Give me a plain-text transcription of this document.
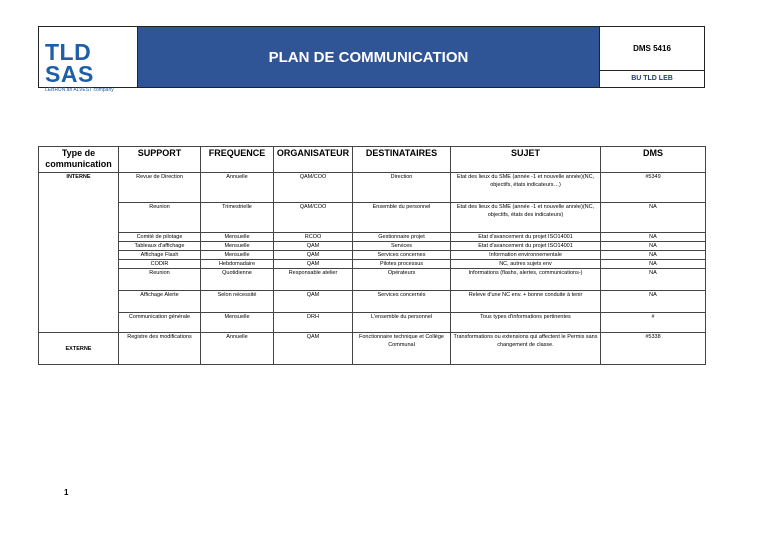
TLD SAS
LEBRUN an ALVEST company
	PLAN DE COMMUNICATION	DMS 5416
BU TLD LEB
Type de communication	SUPPORT	FREQUENCE	ORGANISATEUR	DESTINATAIRES	SUJET	DMS
INTERNE	Revue de Direction	Annuelle	QAM/COO	Direction	Etat des lieux du SME (année -1 et nouvelle année)(NC, objectifs, états indicateurs…)	#5349
	Reunion	Trimestrielle	QAM/COO	Ensemble du personnel	Etat des lieux du SME (année -1 et nouvelle année)(NC, objectifs, états des indicateurs)	NA
	Comité de pilotage	Mensuelle	RCOO	Gestionnaire projet	Etat d'avancement du projet ISO14001	NA
	Tableaux d'affichage	Mensuelle	QAM	Services	Etat d'avancement du projet ISO14001	NA
	Affichage Flash	Mensuelle	QAM	Services concernes	Information environnementale	NA
	CODIR	Hebdomadaire	QAM	Pilotes processus	NC, autres sujets env	NA
	Reunion	Quotidienne	Responsable atelier	Opérateurs	Informations (flashs, alertes, communications-)	NA
	Affichage Alerte	Selon nécessité	QAM	Services concernés	Releve d'une NC env. + bonne conduite à tenir	NA
	Communication générale	Mensuelle	DRH	L'ensemble du personnel	Tous types d'informations pertinentes	#
EXTERNE	Registre des modifications	Annuelle	QAM	Fonctionnaire technique et Collège Communal	Transformations ou extensions qui affectent le Permis sans changement de classe.	#5338
1
